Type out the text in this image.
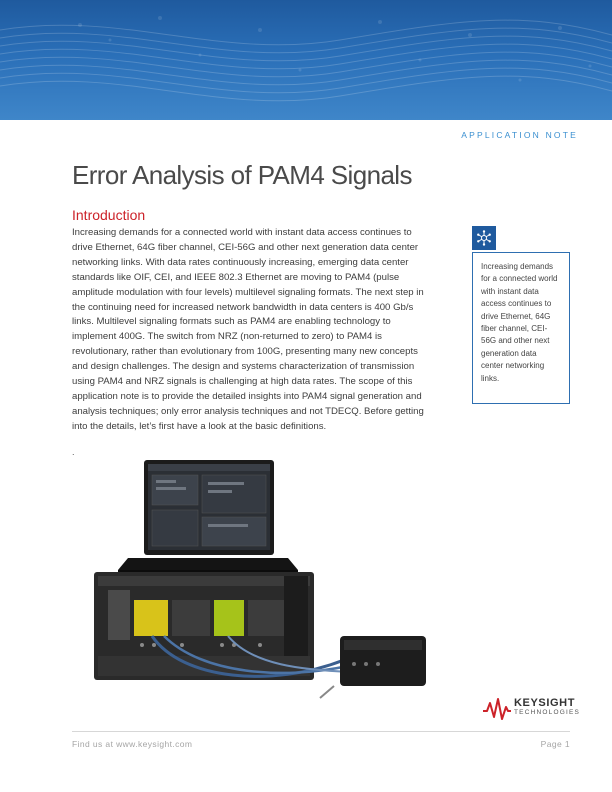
APPLICATION NOTE
Error Analysis of PAM4 Signals
Introduction
Increasing demands for a connected world with instant data access continues to drive Ethernet, 64G fiber channel, CEI-56G and other next generation data center networking links. With data rates continuously increasing, emerging data center standards like OIF, CEI, and IEEE 802.3 Ethernet are moving to PAM4 (pulse amplitude modulation with four levels) multilevel signaling formats. The next step in the continuing need for increased network bandwidth in data centers is 400 Gb/s links. Multilevel signaling formats such as PAM4 are enabling technology to implement 400G. The switch from NRZ (non-returned to zero) to PAM4 is revolutionary, rather than evolutionary from 100G, presenting many new concepts and design challenges. The design and systems characterization of transmission using PAM4 and NRZ signals is challenging at high data rates. The scope of this application note is to provide the detailed insights into PAM4 signal generation and analysis techniques; only error analysis techniques and not TDECQ. Before getting into the details, let’s first have a look at the basic definitions.
.
Increasing demands for a connected world with instant data access continues to drive Ethernet, 64G fiber channel, CEI-56G and other next generation data center networking links.
KEYSIGHT
TECHNOLOGIES
Find us at www.keysight.com	Page 1
